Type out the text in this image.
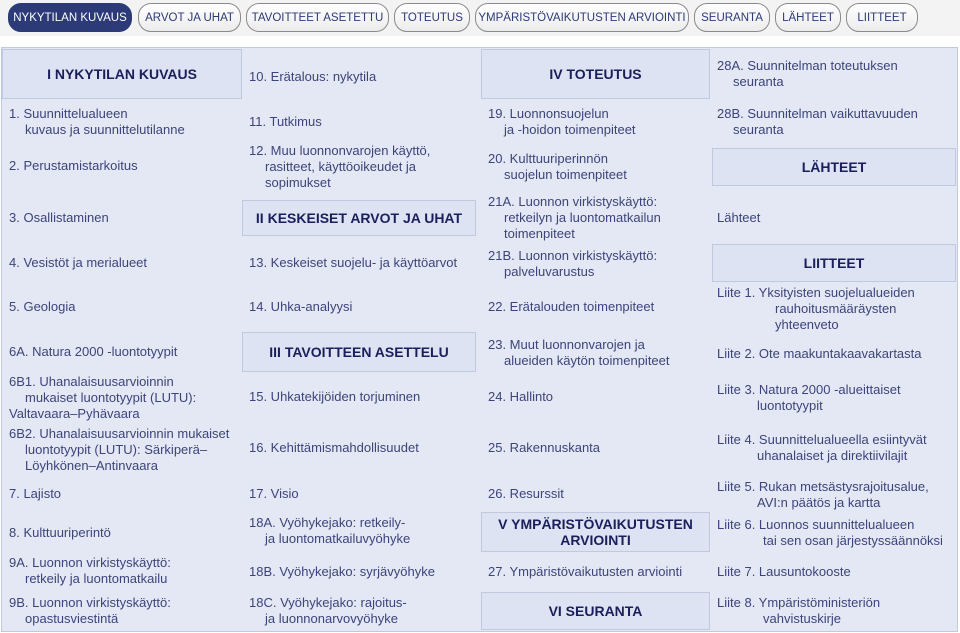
NYKYTILAN KUVAUS ARVOT JA UHAT TAVOITTEET ASETETTU TOTEUTUS YMPÄRISTÖVAIKUTUSTEN ARVIOINTI SEURANTA LÄHTEET LIITTEET
I NYKYTILAN KUVAUS
1. Suunnittelualueen
kuvaus ja suunnittelutilanne
2. Perustamistarkoitus
3. Osallistaminen
4. Vesistöt ja merialueet
5. Geologia
6A. Natura 2000 -luontotyypit
6B1. Uhanalaisuusarvioinnin
mukaiset luontotyypit (LUTU):
Valtavaara–Pyhävaara
6B2. Uhanalaisuusarvioinnin mukaiset
luontotyypit (LUTU): Särkiperä–
Löyhkönen–Antinvaara
7. Lajisto
8. Kulttuuriperintö
9A. Luonnon virkistyskäyttö:
retkeily ja luontomatkailu
9B. Luonnon virkistyskäyttö:
opastusviestintä
10. Erätalous: nykytila
11. Tutkimus
12. Muu luonnonvarojen käyttö,
rasitteet, käyttöoikeudet ja
sopimukset
II KESKEISET ARVOT JA UHAT
13. Keskeiset suojelu- ja käyttöarvot
14. Uhka-analyysi
III TAVOITTEEN ASETTELU
15. Uhkatekijöiden torjuminen
16. Kehittämismahdollisuudet
17. Visio
18A. Vyöhykejako: retkeily-
ja luontomatkailuvyöhyke
18B. Vyöhykejako: syrjävyöhyke
18C. Vyöhykejako: rajoitus-
ja luonnonarvovyöhyke
IV TOTEUTUS
19. Luonnonsuojelun
ja -hoidon toimenpiteet
20. Kulttuuriperinnön
suojelun toimenpiteet
21A. Luonnon virkistyskäyttö:
retkeilyn ja luontomatkailun
toimenpiteet
21B. Luonnon virkistyskäyttö:
palveluvarustus
22. Erätalouden toimenpiteet
23. Muut luonnonvarojen ja
alueiden käytön toimenpiteet
24. Hallinto
25. Rakennuskanta
26. Resurssit
V YMPÄRISTÖVAIKUTUSTEN
ARVIOINTI
27. Ympäristövaikutusten arviointi
VI SEURANTA
28A. Suunnitelman toteutuksen
seuranta
28B. Suunnitelman vaikuttavuuden
seuranta
LÄHTEET
Lähteet
LIITTEET
Liite 1. Yksityisten suojelualueiden
rauhoitusmääräysten
yhteenveto
Liite 2. Ote maakuntakaavakartasta
Liite 3. Natura 2000 -alueittaiset
luontotyypit
Liite 4. Suunnittelualueella esiintyvät
uhanalaiset ja direktiivilajit
Liite 5. Rukan metsästysrajoitusalue,
AVI:n päätös ja kartta
Liite 6. Luonnos suunnittelualueen
tai sen osan järjestyssäännöksi
Liite 7. Lausuntokooste
Liite 8. Ympäristöministeriön
vahvistuskirje
